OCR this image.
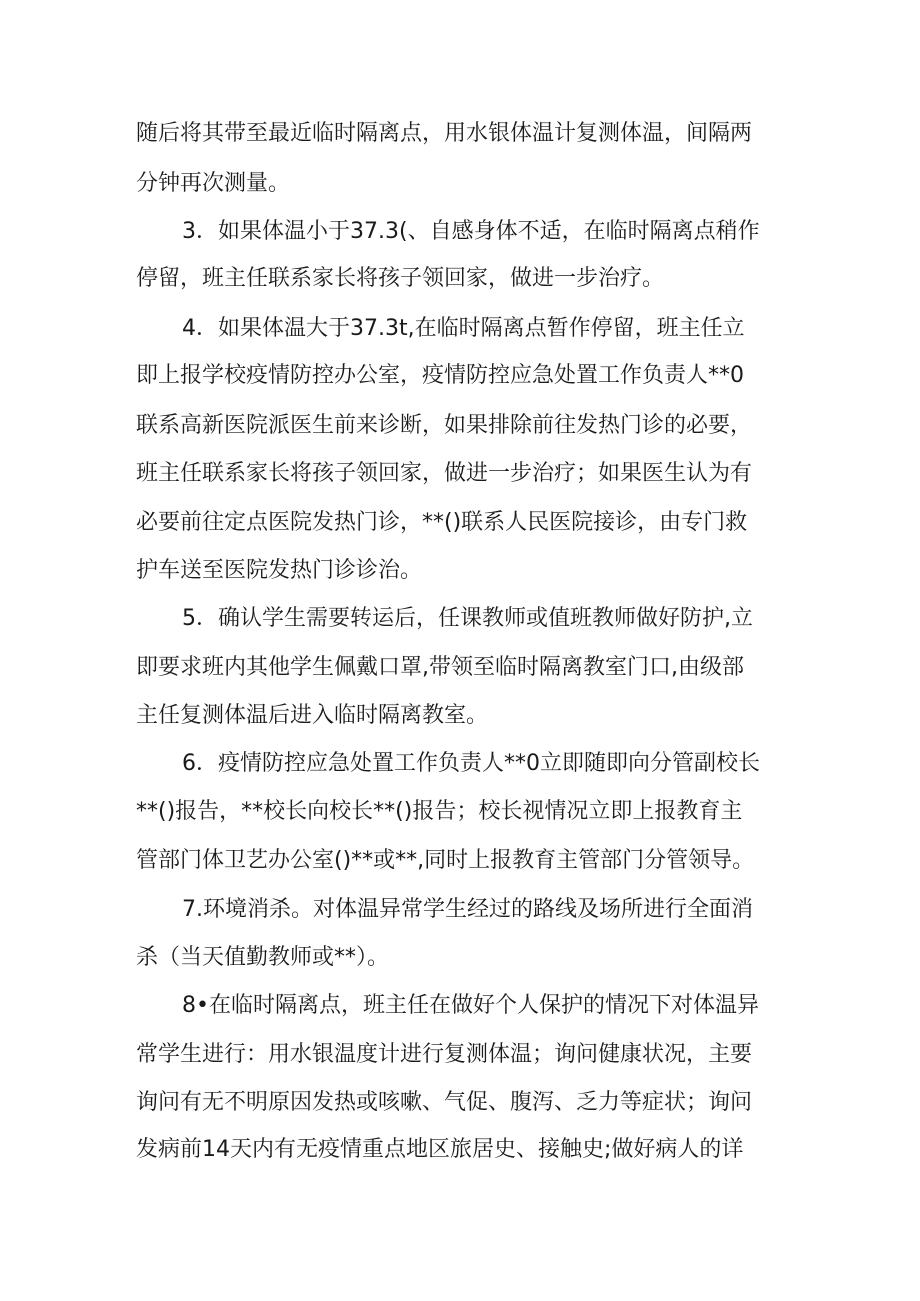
随后将其带至最近临时隔离点，用水银体温计复测体温，间隔两
分钟再次测量。
3．如果体温小于37.3(、自感身体不适，在临时隔离点稍作
停留，班主任联系家长将孩子领回家，做进一步治疗。
4．如果体温大于37.3t,在临时隔离点暂作停留，班主任立
即上报学校疫情防控办公室，疫情防控应急处置工作负责人**0
联系高新医院派医生前来诊断，如果排除前往发热门诊的必要，
班主任联系家长将孩子领回家，做进一步治疗；如果医生认为有
必要前往定点医院发热门诊，**()联系人民医院接诊，由专门救
护车送至医院发热门诊诊治。
5．确认学生需要转运后，任课教师或值班教师做好防护,立
即要求班内其他学生佩戴口罩,带领至临时隔离教室门口,由级部
主任复测体温后进入临时隔离教室。
6．疫情防控应急处置工作负责人**0立即随即向分管副校长
**()报告，**校长向校长**()报告；校长视情况立即上报教育主
管部门体卫艺办公室()**或**,同时上报教育主管部门分管领导。
7.环境消杀。对体温异常学生经过的路线及场所进行全面消
杀（当天值勤教师或**）。
8•在临时隔离点，班主任在做好个人保护的情况下对体温异
常学生进行：用水银温度计进行复测体温；询问健康状况，主要
询问有无不明原因发热或咳嗽、气促、腹泻、乏力等症状；询问
发病前14天内有无疫情重点地区旅居史、接触史;做好病人的详
